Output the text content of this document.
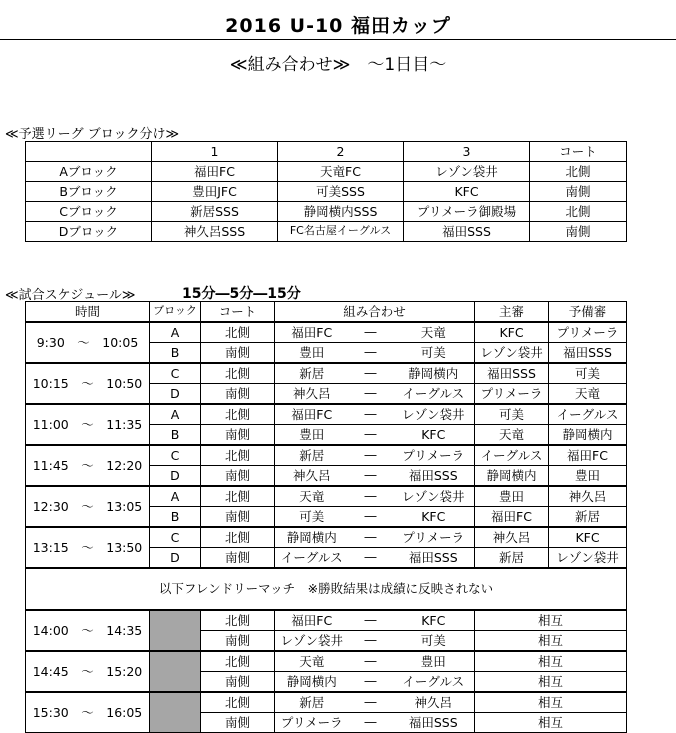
2016 U-10 福田カップ
≪組み合わせ≫　～1日目～
≪予選リーグ ブロック分け≫
	1	2	3	コート
Aブロック	福田FC	天竜FC	レゾン袋井	北側
Bブロック	豊田JFC	可美SSS	KFC	南側
Cブロック	新居SSS	静岡横内SSS	プリメーラ御殿場	北側
Dブロック	神久呂SSS	FC名古屋イーグルス	福田SSS	南側
≪試合スケジュール≫	15分―5分―15分
時間	ブロック	コート	組み合わせ			主審	予備審
9:30　～　10:05	A	北側	福田FC	―	天竜	KFC	プリメーラ
	B	南側	豊田	―	可美	レゾン袋井	福田SSS
10:15　～　10:50	C	北側	新居	―	静岡横内	福田SSS	可美
	D	南側	神久呂	―	イーグルス	プリメーラ	天竜
11:00　～　11:35	A	北側	福田FC	―	レゾン袋井	可美	イーグルス
	B	南側	豊田	―	KFC	天竜	静岡横内
11:45　～　12:20	C	北側	新居	―	プリメーラ	イーグルス	福田FC
	D	南側	神久呂	―	福田SSS	静岡横内	豊田
12:30　～　13:05	A	北側	天竜	―	レゾン袋井	豊田	神久呂
	B	南側	可美	―	KFC	福田FC	新居
13:15　～　13:50	C	北側	静岡横内	―	プリメーラ	神久呂	KFC
	D	南側	イーグルス	―	福田SSS	新居	レゾン袋井
以下フレンドリーマッチ　※勝敗結果は成績に反映されない							
14:00　～　14:35		北側	福田FC	―	KFC	相互	
		南側	レゾン袋井	―	可美	相互	
14:45　～　15:20		北側	天竜	―	豊田	相互	
		南側	静岡横内	―	イーグルス	相互	
15:30　～　16:05		北側	新居	―	神久呂	相互	
		南側	プリメーラ	―	福田SSS	相互	
